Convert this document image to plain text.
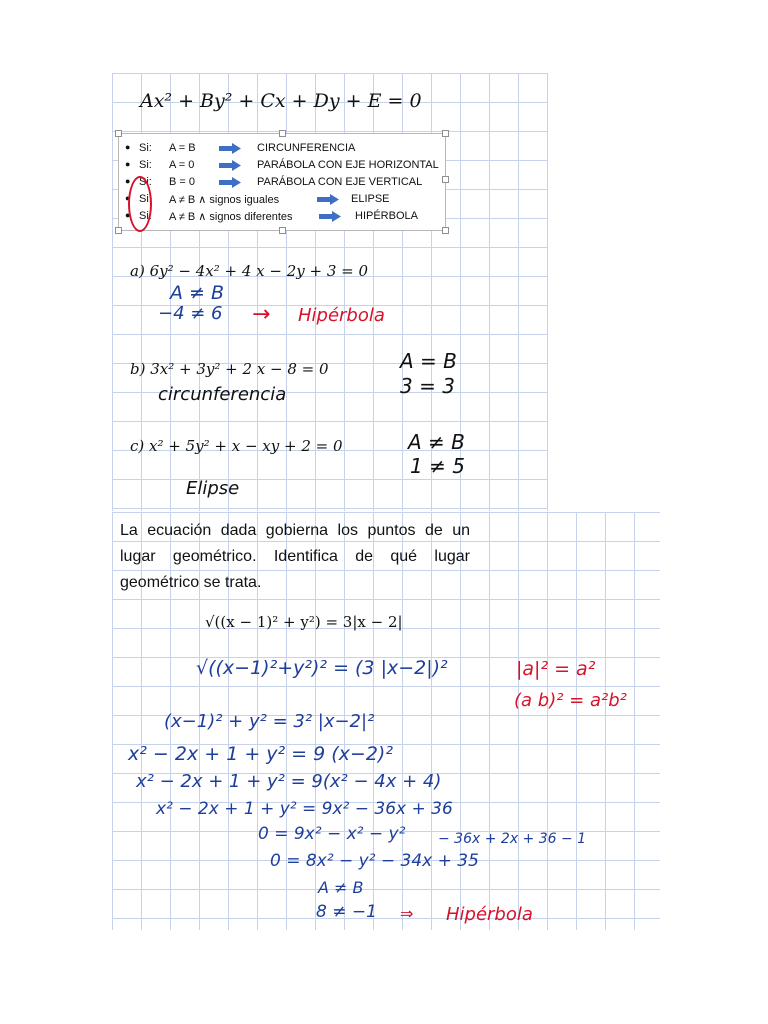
Ax² + By² + Cx + Dy + E = 0
● Si: A = B	CIRCUNFERENCIA
● Si: A = 0	PARÁBOLA CON EJE HORIZONTAL
● Si: B = 0	PARÁBOLA CON EJE VERTICAL
● Si: A ≠ B ∧ signos iguales	ELIPSE
● Si: A ≠ B ∧ signos diferentes	HIPÉRBOLA
a) 6y² − 4x² + 4 x − 2y + 3 = 0
A ≠ B
−4 ≠ 6 → Hipérbola
b) 3x² + 3y² + 2 x − 8 = 0	A = B
3 = 3
circunferencia
c) x² + 5y² + x − xy + 2 = 0	A ≠ B
1 ≠ 5
Elipse
La ecuación dada gobierna los puntos de un lugar geométrico. Identifica de qué lugar geométrico se trata.
√((x − 1)² + y²) = 3|x − 2|
√((x−1)²+y²)² = (3 |x−2|)²	|a|² = a²
(a b)² = a²b²
(x−1)² + y² = 3² |x−2|²
x² − 2x + 1 + y² = 9 (x−2)²
x² − 2x + 1 + y² = 9(x² − 4x + 4)
x² − 2x + 1 + y² = 9x² − 36x + 36
0 = 9x² − x² − y² − 36x + 2x + 36 − 1
0 = 8x² − y² − 34x + 35
A ≠ B
8 ≠ −1 ⇒ Hipérbola
